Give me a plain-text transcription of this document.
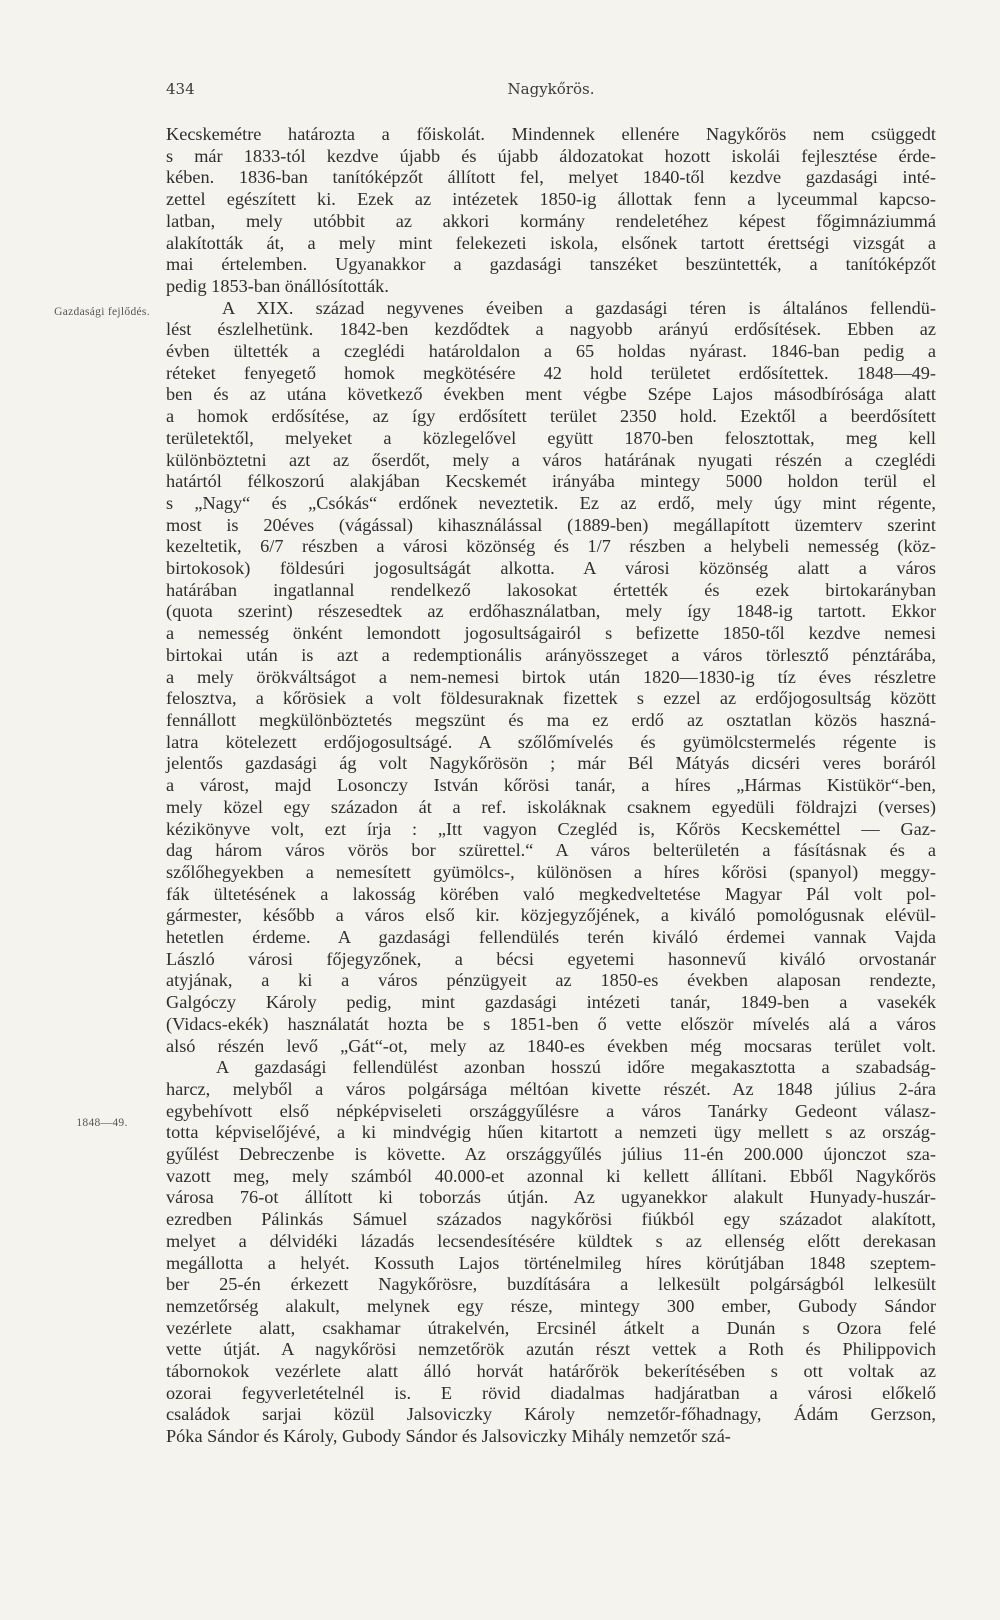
434	Nagykőrös.
Gazdasági fejlődés.
1848—49.
Kecskemétre határozta a főiskolát. Mindennek ellenére Nagykőrös nem csüggedt
s már 1833-tól kezdve újabb és újabb áldozatokat hozott iskolái fejlesztése érde-
kében. 1836-ban tanítóképzőt állított fel, melyet 1840-től kezdve gazdasági inté-
zettel egészített ki. Ezek az intézetek 1850-ig állottak fenn a lyceummal kapcso-
latban, mely utóbbit az akkori kormány rendeletéhez képest főgimnáziummá
alakították át, a mely mint felekezeti iskola, elsőnek tartott érettségi vizsgát a
mai értelemben. Ugyanakkor a gazdasági tanszéket beszüntették, a tanítóképzőt
pedig 1853-ban önállósították.
A XIX. század negyvenes éveiben a gazdasági téren is általános fellendü-
lést észlelhetünk. 1842-ben kezdődtek a nagyobb arányú erdősítések. Ebben az
évben ültették a czeglédi határoldalon a 65 holdas nyárast. 1846-ban pedig a
réteket fenyegető homok megkötésére 42 hold területet erdősítettek. 1848—49-
ben és az utána következő években ment végbe Szépe Lajos másodbírósága alatt
a homok erdősítése, az így erdősített terület 2350 hold. Ezektől a beerdősített
területektől, melyeket a közlegelővel együtt 1870-ben felosztottak, meg kell
különböztetni azt az őserdőt, mely a város határának nyugati részén a czeglédi
határtól félkoszorú alakjában Kecskemét irányába mintegy 5000 holdon terül el
s „Nagy“ és „Csókás“ erdőnek neveztetik. Ez az erdő, mely úgy mint régente,
most is 20éves (vágással) kihasználással (1889-ben) megállapított üzemterv szerint
kezeltetik, 6/7 részben a városi közönség és 1/7 részben a helybeli nemesség (köz-
birtokosok) földesúri jogosultságát alkotta. A városi közönség alatt a város
határában ingatlannal rendelkező lakosokat értették és ezek birtokarányban
(quota szerint) részesedtek az erdőhasználatban, mely így 1848-ig tartott. Ekkor
a nemesség önként lemondott jogosultságairól s befizette 1850-től kezdve nemesi
birtokai után is azt a redemptionális arányösszeget a város törlesztő pénztárába,
a mely örökváltságot a nem-nemesi birtok után 1820—1830-ig tíz éves részletre
felosztva, a kőrösiek a volt földesuraknak fizettek s ezzel az erdőjogosultság között
fennállott megkülönböztetés megszünt és ma ez erdő az osztatlan közös haszná-
latra kötelezett erdőjogosultságé. A szőlőmívelés és gyümölcstermelés régente is
jelentős gazdasági ág volt Nagykőrösön ; már Bél Mátyás dicséri veres boráról
a várost, majd Losonczy István kőrösi tanár, a híres „Hármas Kistükör“-ben,
mely közel egy századon át a ref. iskoláknak csaknem egyedüli földrajzi (verses)
kézikönyve volt, ezt írja : „Itt vagyon Czegléd is, Kőrös Kecskeméttel — Gaz-
dag három város vörös bor szürettel.“ A város belterületén a fásításnak és a
szőlőhegyekben a nemesített gyümölcs-, különösen a híres kőrösi (spanyol) meggy-
fák ültetésének a lakosság körében való megkedveltetése Magyar Pál volt pol-
gármester, később a város első kir. közjegyzőjének, a kiváló pomológusnak elévül-
hetetlen érdeme. A gazdasági fellendülés terén kiváló érdemei vannak Vajda
László városi főjegyzőnek, a bécsi egyetemi hasonnevű kiváló orvostanár
atyjának, a ki a város pénzügyeit az 1850-es években alaposan rendezte,
Galgóczy Károly pedig, mint gazdasági intézeti tanár, 1849-ben a vasekék
(Vidacs-ekék) használatát hozta be s 1851-ben ő vette először mívelés alá a város
alsó részén levő „Gát“-ot, mely az 1840-es években még mocsaras terület volt.
A gazdasági fellendülést azonban hosszú időre megakasztotta a szabadság-
harcz, melyből a város polgársága méltóan kivette részét. Az 1848 július 2-ára
egybehívott első népképviseleti országgyűlésre a város Tanárky Gedeont válasz-
totta képviselőjévé, a ki mindvégig hűen kitartott a nemzeti ügy mellett s az ország-
gyűlést Debreczenbe is követte. Az országgyűlés július 11-én 200.000 újonczot sza-
vazott meg, mely számból 40.000-et azonnal ki kellett állítani. Ebből Nagykőrös
városa 76-ot állított ki toborzás útján. Az ugyanekkor alakult Hunyady-huszár-
ezredben Pálinkás Sámuel százados nagykőrösi fiúkból egy századot alakított,
melyet a délvidéki lázadás lecsendesítésére küldtek s az ellenség előtt derekasan
megállotta a helyét. Kossuth Lajos történelmileg híres körútjában 1848 szeptem-
ber 25-én érkezett Nagykőrösre, buzdítására a lelkesült polgárságból lelkesült
nemzetőrség alakult, melynek egy része, mintegy 300 ember, Gubody Sándor
vezérlete alatt, csakhamar útrakelvén, Ercsinél átkelt a Dunán s Ozora felé
vette útját. A nagykőrösi nemzetőrök azután részt vettek a Roth és Philippovich
tábornokok vezérlete alatt álló horvát határőrök bekerítésében s ott voltak az
ozorai fegyverletételnél is. E rövid diadalmas hadjáratban a városi előkelő
családok sarjai közül Jalsoviczky Károly nemzetőr-főhadnagy, Ádám Gerzson,
Póka Sándor és Károly, Gubody Sándor és Jalsoviczky Mihály nemzetőr szá-
